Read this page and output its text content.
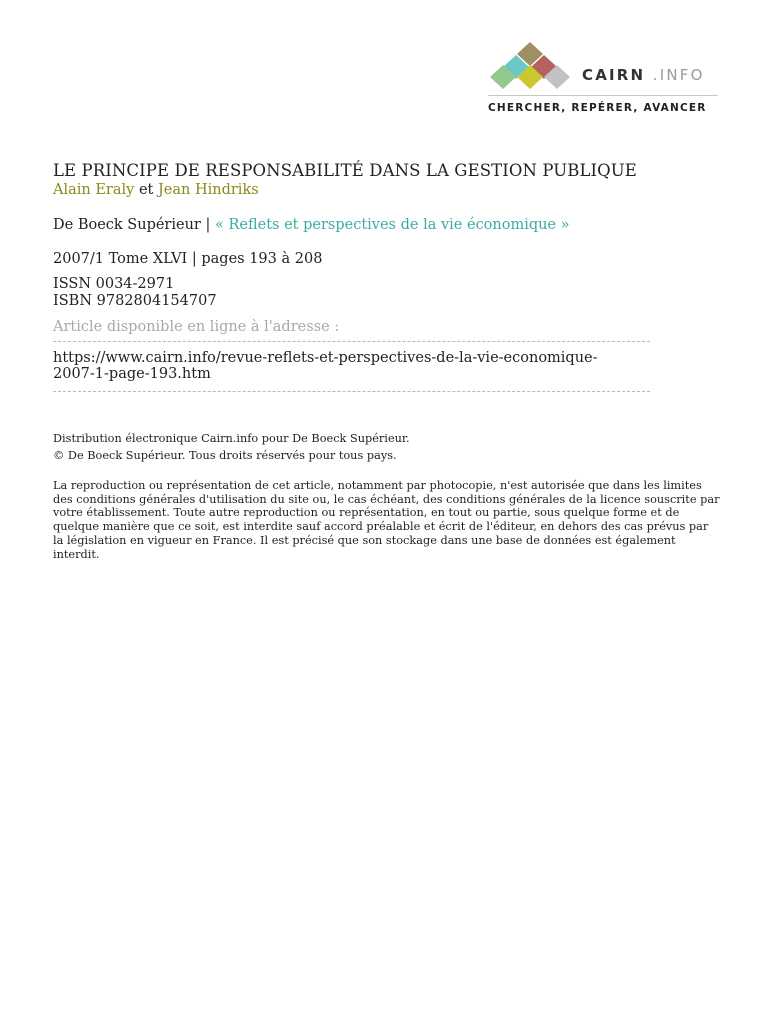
CAIRN .INFO
CHERCHER, REPÉRER, AVANCER
LE PRINCIPE DE RESPONSABILITÉ DANS LA GESTION PUBLIQUE
Alain Eraly et Jean Hindriks
De Boeck Supérieur | « Reflets et perspectives de la vie économique »
2007/1 Tome XLVI | pages 193 à 208
ISSN 0034-2971
ISBN 9782804154707
Article disponible en ligne à l'adresse :
https://www.cairn.info/revue-reflets-et-perspectives-de-la-vie-economique-2007-1-page-193.htm
Distribution électronique Cairn.info pour De Boeck Supérieur.
© De Boeck Supérieur. Tous droits réservés pour tous pays.
La reproduction ou représentation de cet article, notamment par photocopie, n'est autorisée que dans les limites des conditions générales d'utilisation du site ou, le cas échéant, des conditions générales de la licence souscrite par votre établissement. Toute autre reproduction ou représentation, en tout ou partie, sous quelque forme et de quelque manière que ce soit, est interdite sauf accord préalable et écrit de l'éditeur, en dehors des cas prévus par la législation en vigueur en France. Il est précisé que son stockage dans une base de données est également interdit.
